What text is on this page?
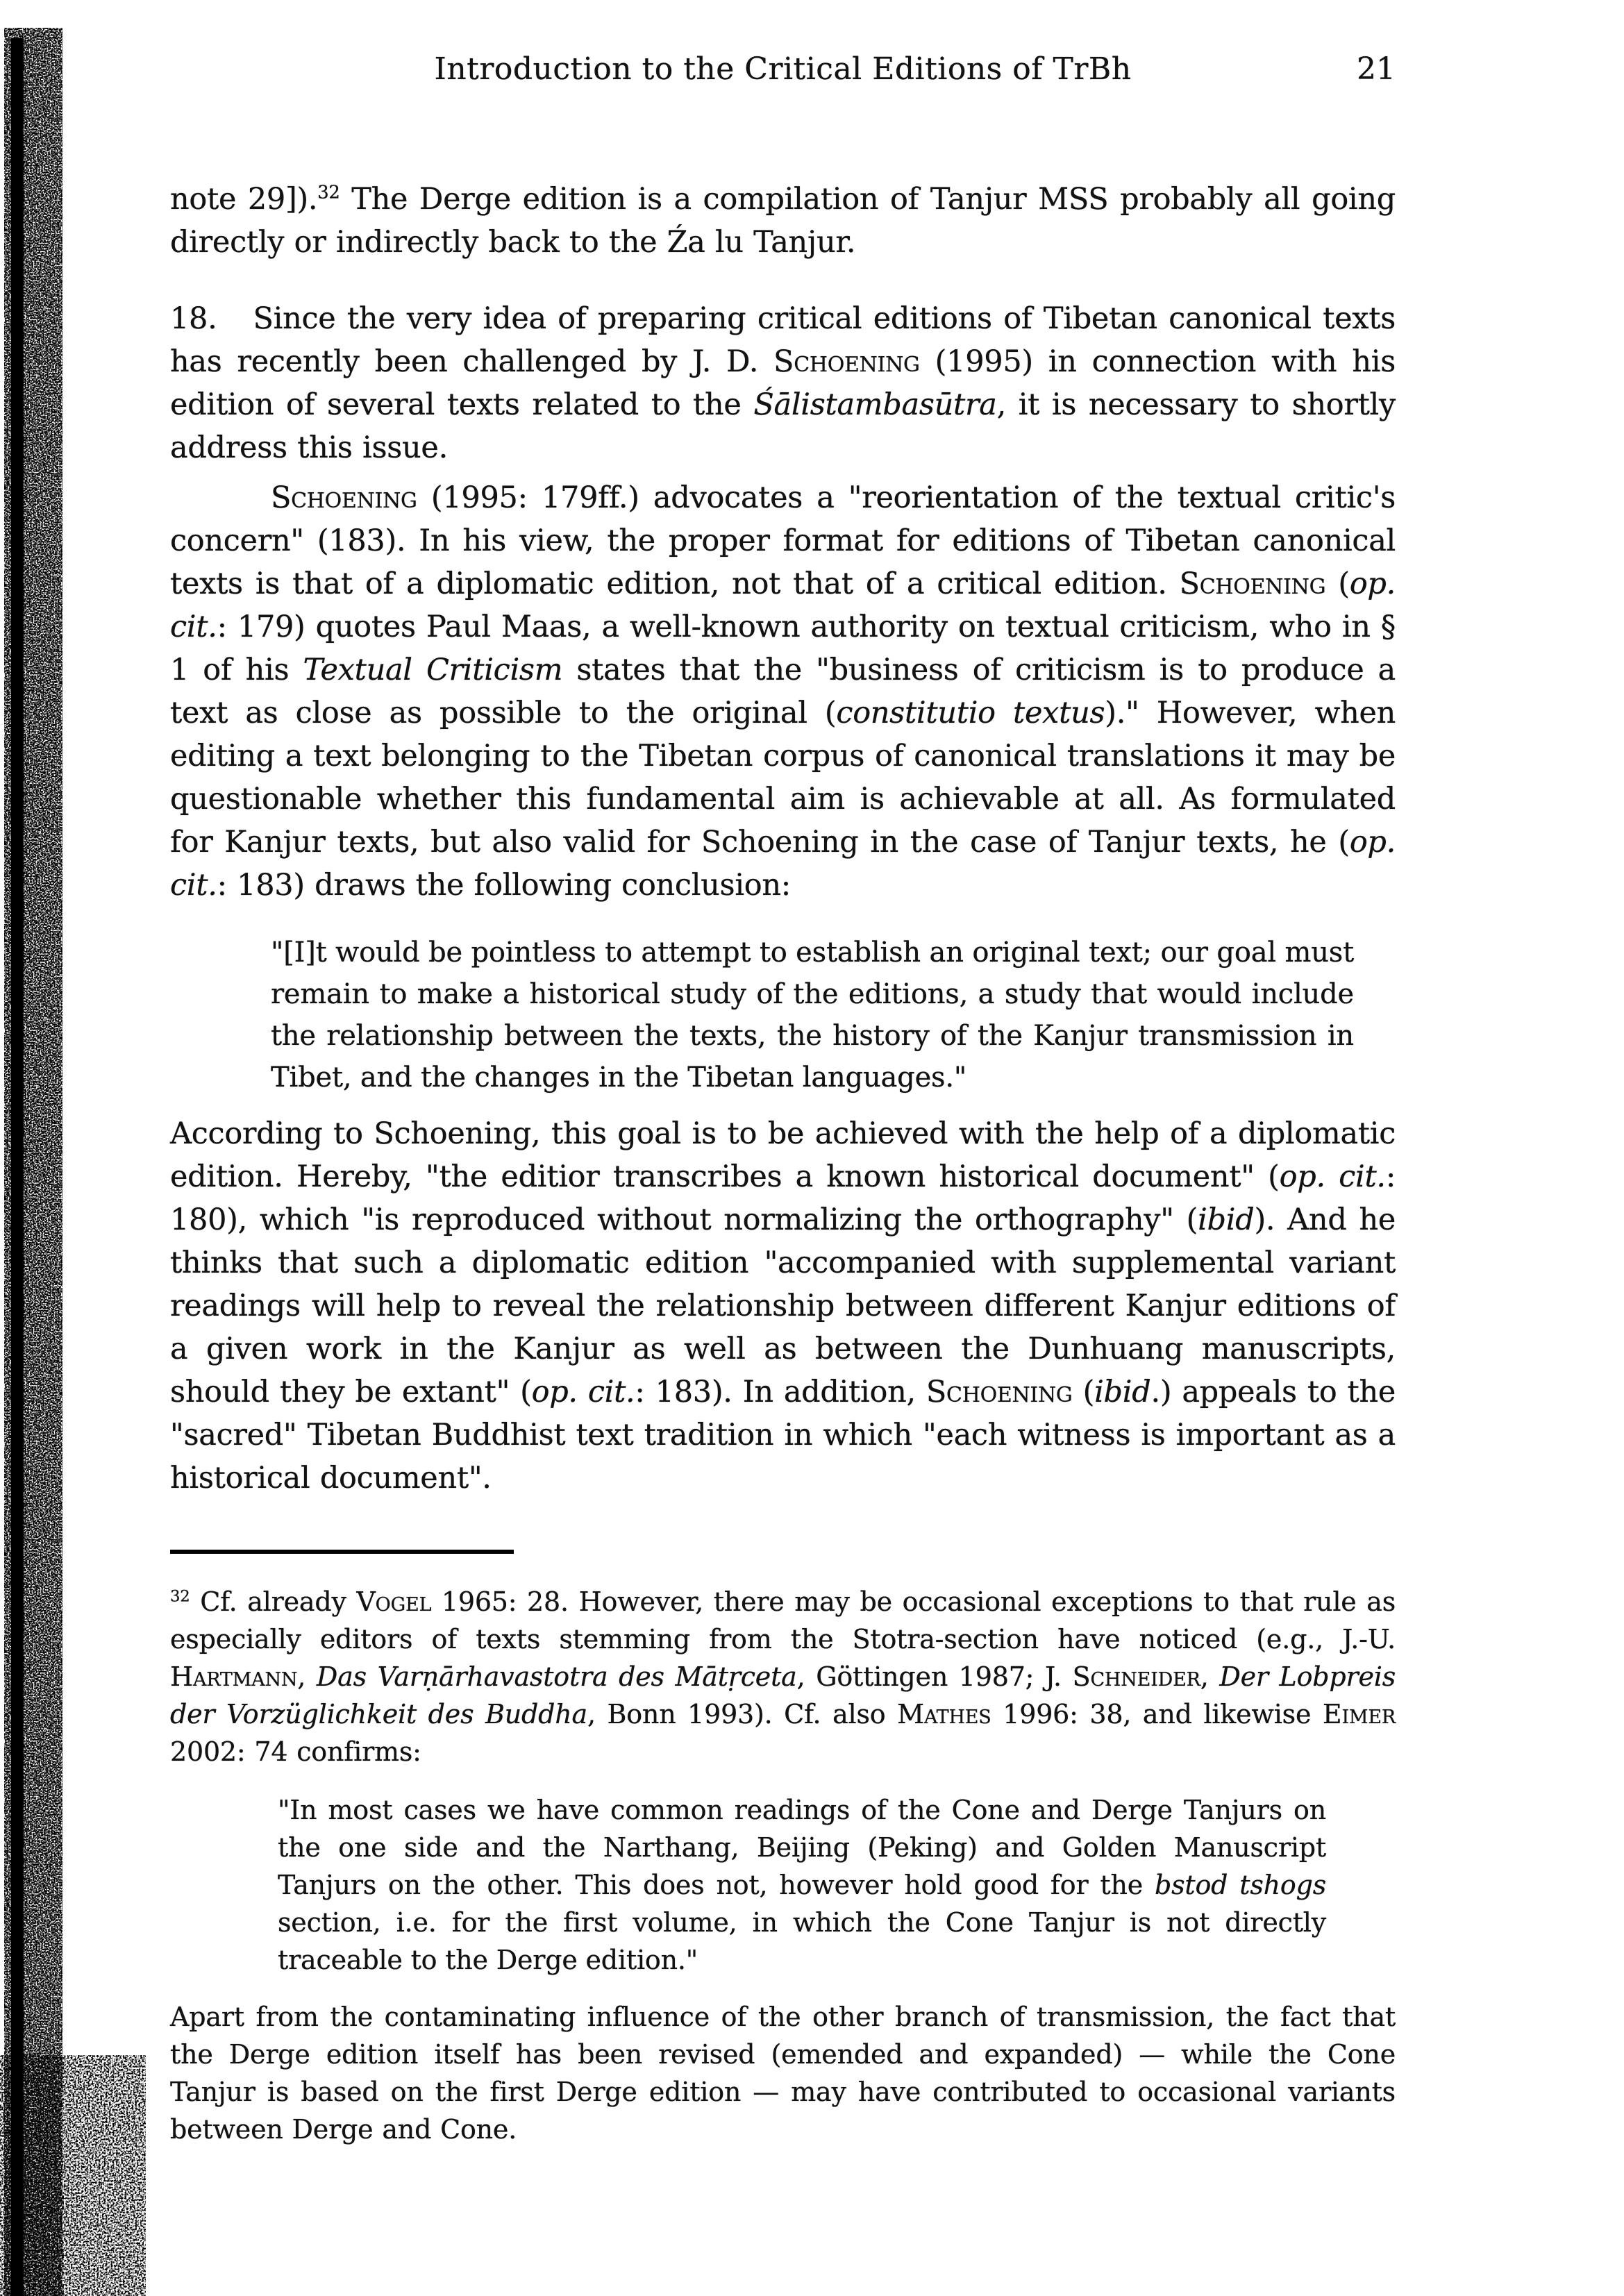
Introduction to the Critical Editions of TrBh	21

note 29]).$^{32}$ The Derge edition is a compilation of Tanjur MSS probably all going directly or indirectly back to the Źa lu Tanjur.

18. Since the very idea of preparing critical editions of Tibetan canonical texts has recently been challenged by J. D. Schoening (1995) in connection with his edition of several texts related to the Śālistambasūtra, it is necessary to shortly address this issue.

Schoening (1995: 179ff.) advocates a "reorientation of the textual critic's concern" (183). In his view, the proper format for editions of Tibetan canonical texts is that of a diplomatic edition, not that of a critical edition. Schoening (op. cit.: 179) quotes Paul Maas, a well-known authority on textual criticism, who in § 1 of his Textual Criticism states that the "business of criticism is to produce a text as close as possible to the original (constitutio textus)." However, when editing a text belonging to the Tibetan corpus of canonical translations it may be questionable whether this fundamental aim is achievable at all. As formulated for Kanjur texts, but also valid for Schoening in the case of Tanjur texts, he (op. cit.: 183) draws the following conclusion:

"[I]t would be pointless to attempt to establish an original text; our goal must remain to make a historical study of the editions, a study that would include the relationship between the texts, the history of the Kanjur transmission in Tibet, and the changes in the Tibetan languages."

According to Schoening, this goal is to be achieved with the help of a diplomatic edition. Hereby, "the editior transcribes a known historical document" (op. cit.: 180), which "is reproduced without normalizing the orthography" (ibid). And he thinks that such a diplomatic edition "accompanied with supplemental variant readings will help to reveal the relationship between different Kanjur editions of a given work in the Kanjur as well as between the Dunhuang manuscripts, should they be extant" (op. cit.: 183). In addition, Schoening (ibid.) appeals to the "sacred" Tibetan Buddhist text tradition in which "each witness is important as a historical document".

$^{32}$ Cf. already Vogel 1965: 28. However, there may be occasional exceptions to that rule as especially editors of texts stemming from the Stotra-section have noticed (e.g., J.-U. Hartmann, Das Varṇārhavastotra des Mātṛceta, Göttingen 1987; J. Schneider, Der Lobpreis der Vorzüglichkeit des Buddha, Bonn 1993). Cf. also Mathes 1996: 38, and likewise Eimer 2002: 74 confirms:

"In most cases we have common readings of the Cone and Derge Tanjurs on the one side and the Narthang, Beijing (Peking) and Golden Manuscript Tanjurs on the other. This does not, however hold good for the bstod tshogs section, i.e. for the first volume, in which the Cone Tanjur is not directly traceable to the Derge edition."

Apart from the contaminating influence of the other branch of transmission, the fact that the Derge edition itself has been revised (emended and expanded) — while the Cone Tanjur is based on the first Derge edition — may have contributed to occasional variants between Derge and Cone.
